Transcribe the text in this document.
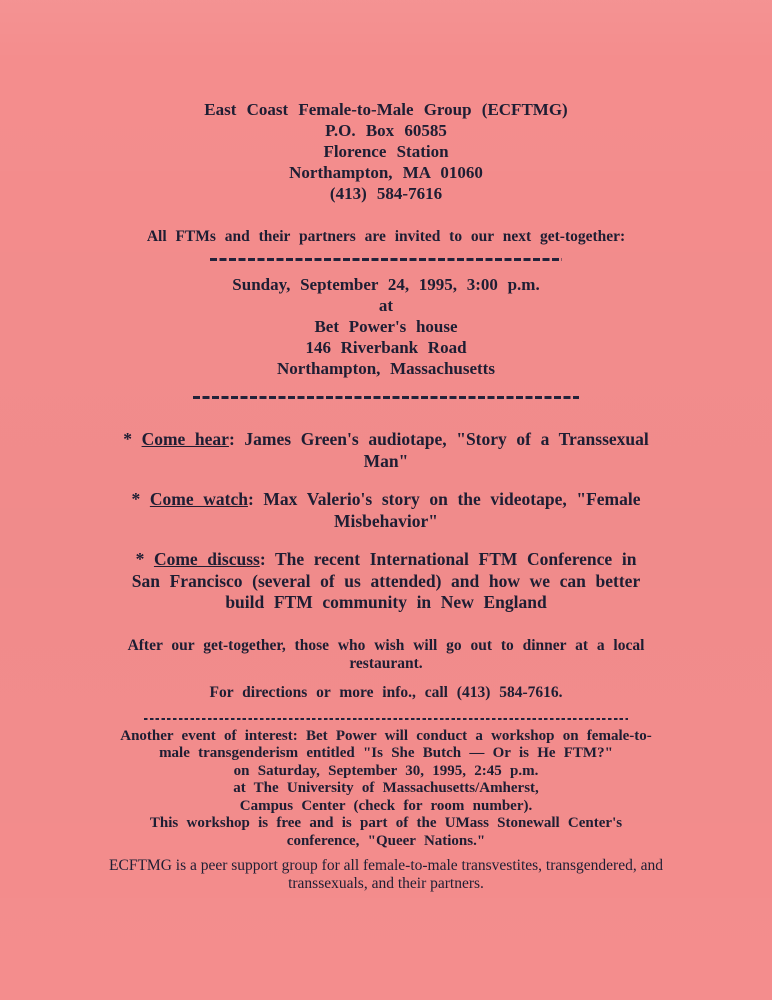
East Coast Female-to-Male Group (ECFTMG)
P.O. Box 60585
Florence Station
Northampton, MA 01060
(413) 584-7616
All FTMs and their partners are invited to our next get-together:
Sunday, September 24, 1995, 3:00 p.m.
at
Bet Power's house
146 Riverbank Road
Northampton, Massachusetts
* Come hear: James Green's audiotape, "Story of a Transsexual
Man"
* Come watch: Max Valerio's story on the videotape, "Female
Misbehavior"
* Come discuss: The recent International FTM Conference in
San Francisco (several of us attended) and how we can better
build FTM community in New England
After our get-together, those who wish will go out to dinner at a local
restaurant.
For directions or more info., call (413) 584-7616.
Another event of interest: Bet Power will conduct a workshop on female-to-
male transgenderism entitled "Is She Butch — Or is He FTM?"
on Saturday, September 30, 1995, 2:45 p.m.
at The University of Massachusetts/Amherst,
Campus Center (check for room number).
This workshop is free and is part of the UMass Stonewall Center's
conference, "Queer Nations."
ECFTMG is a peer support group for all female-to-male transvestites, transgendered, and
transsexuals, and their partners.
